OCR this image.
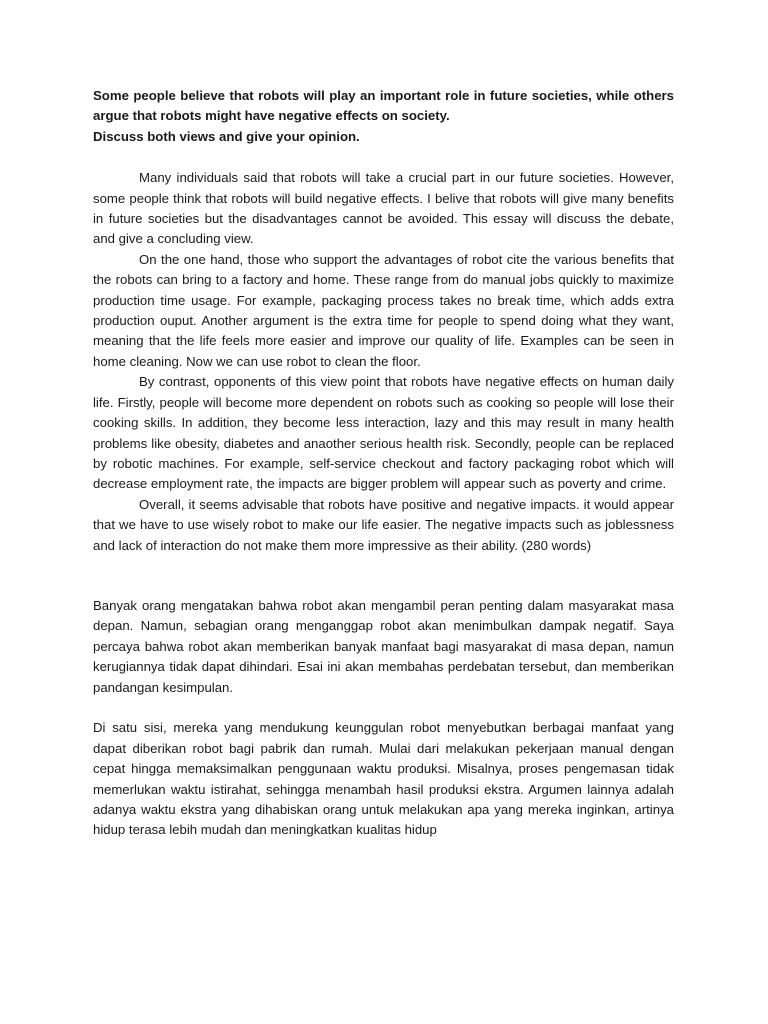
Some people believe that robots will play an important role in future societies, while others argue that robots might have negative effects on society.

Discuss both views and give your opinion.

Many individuals said that robots will take a crucial part in our future societies. However, some people think that robots will build negative effects. I belive that robots will give many benefits in future societies but the disadvantages cannot be avoided. This essay will discuss the debate, and give a concluding view.

On the one hand, those who support the advantages of robot cite the various benefits that the robots can bring to a factory and home. These range from do manual jobs quickly to maximize production time usage. For example, packaging process takes no break time, which adds extra production ouput. Another argument is the extra time for people to spend doing what they want, meaning that the life feels more easier and improve our quality of life. Examples can be seen in home cleaning. Now we can use robot to clean the floor.

By contrast, opponents of this view point that robots have negative effects on human daily life. Firstly, people will become more dependent on robots such as cooking so people will lose their cooking skills. In addition, they become less interaction, lazy and this may result in many health problems like obesity, diabetes and anaother serious health risk. Secondly, people can be replaced by robotic machines. For example, self-service checkout and factory packaging robot which will decrease employment rate, the impacts are bigger problem will appear such as poverty and crime.

Overall, it seems advisable that robots have positive and negative impacts. it would appear that we have to use wisely robot to make our life easier. The negative impacts such as joblessness and lack of interaction do not make them more impressive as their ability. (280 words)

Banyak orang mengatakan bahwa robot akan mengambil peran penting dalam masyarakat masa depan. Namun, sebagian orang menganggap robot akan menimbulkan dampak negatif. Saya percaya bahwa robot akan memberikan banyak manfaat bagi masyarakat di masa depan, namun kerugiannya tidak dapat dihindari. Esai ini akan membahas perdebatan tersebut, dan memberikan pandangan kesimpulan.

Di satu sisi, mereka yang mendukung keunggulan robot menyebutkan berbagai manfaat yang dapat diberikan robot bagi pabrik dan rumah. Mulai dari melakukan pekerjaan manual dengan cepat hingga memaksimalkan penggunaan waktu produksi. Misalnya, proses pengemasan tidak memerlukan waktu istirahat, sehingga menambah hasil produksi ekstra. Argumen lainnya adalah adanya waktu ekstra yang dihabiskan orang untuk melakukan apa yang mereka inginkan, artinya hidup terasa lebih mudah dan meningkatkan kualitas hidup
